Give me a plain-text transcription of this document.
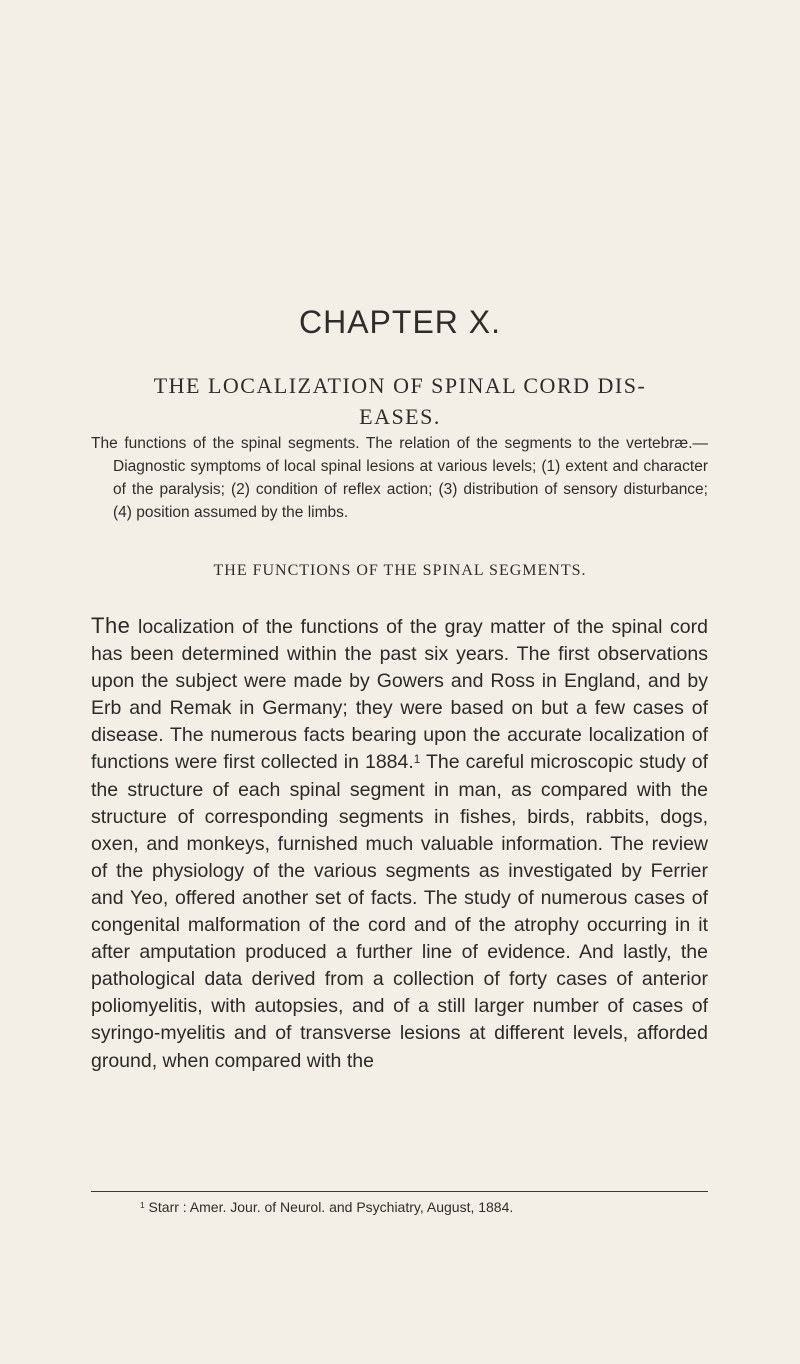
CHAPTER X.
THE LOCALIZATION OF SPINAL CORD DIS-
EASES.
The functions of the spinal segments. The relation of the segments to the vertebræ.—Diagnostic symptoms of local spinal lesions at various levels; (1) extent and character of the paralysis; (2) condition of reflex action; (3) distribution of sensory disturbance; (4) position assumed by the limbs.
THE FUNCTIONS OF THE SPINAL SEGMENTS.

The localization of the functions of the gray matter of the spinal cord has been determined within the past six years. The first observations upon the subject were made by Gowers and Ross in England, and by Erb and Remak in Germany; they were based on but a few cases of disease. The numerous facts bearing upon the accurate localization of functions were first collected in 1884.$^1$ The careful microscopic study of the structure of each spinal segment in man, as compared with the structure of corresponding segments in fishes, birds, rabbits, dogs, oxen, and monkeys, furnished much valuable information. The review of the physiology of the various segments as investigated by Ferrier and Yeo, offered another set of facts. The study of numerous cases of congenital malformation of the cord and of the atrophy occurring in it after amputation produced a further line of evidence. And lastly, the pathological data derived from a collection of forty cases of anterior poliomyelitis, with autopsies, and of a still larger number of cases of syringo-myelitis and of transverse lesions at different levels, afforded ground, when compared with the

$^1$ Starr : Amer. Jour. of Neurol. and Psychiatry, August, 1884.
